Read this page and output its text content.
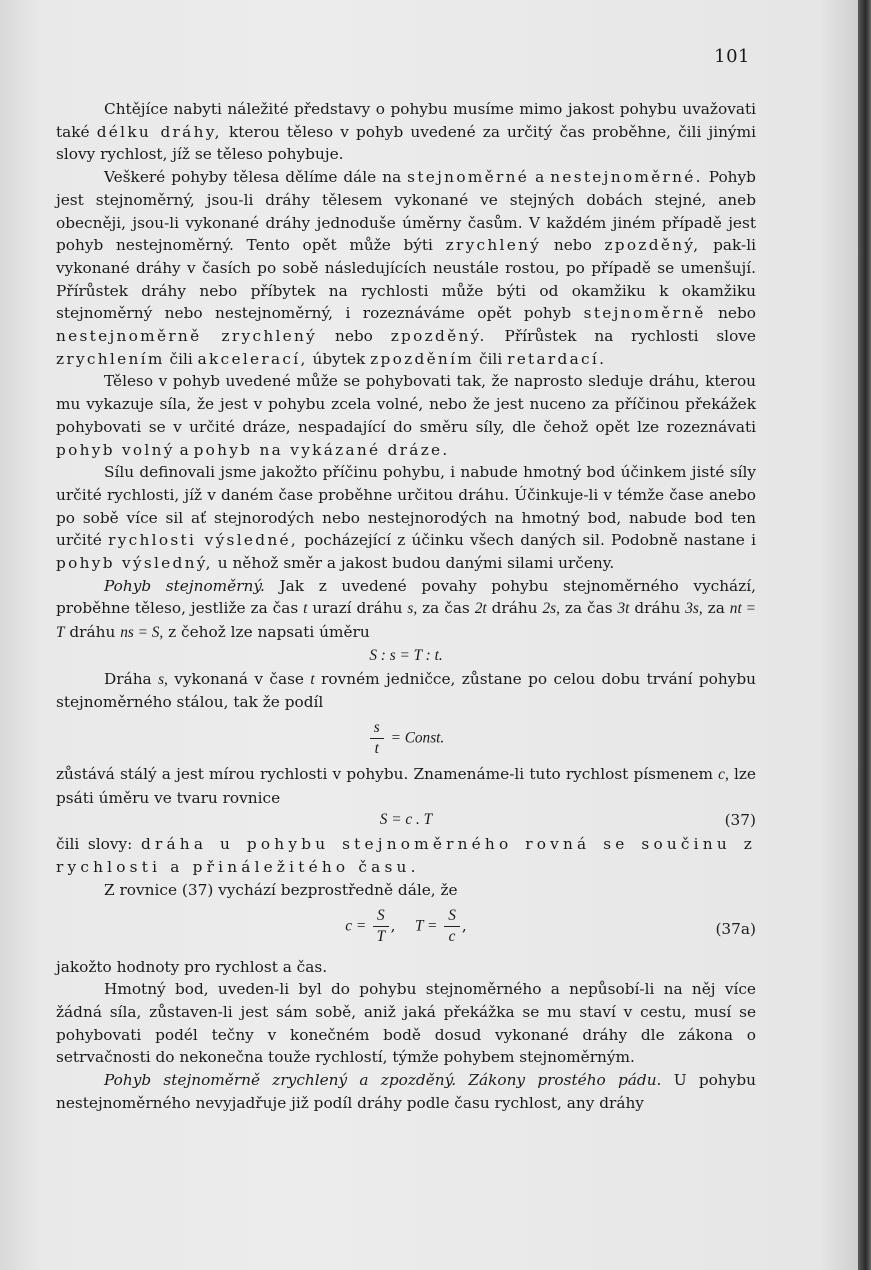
101

Chtějíce nabyti náležité představy o pohybu musíme mimo jakost pohybu uvažovati také délku dráhy, kterou těleso v pohyb uvedené za určitý čas proběhne, čili jinými slovy rychlost, jíž se těleso pohybuje.

Veškeré pohyby tělesa dělíme dále na stejnoměrné a nestejnoměrné. Pohyb jest stejnoměrný, jsou-li dráhy tělesem vykonané ve stejných dobách stejné, aneb obecněji, jsou-li vykonané dráhy jednoduše úměrny časům. V každém jiném případě jest pohyb nestejnoměrný. Tento opět může býti zrychlený nebo zpozděný, pak-li vykonané dráhy v časích po sobě následujících neustále rostou, po případě se umenšují. Přírůstek dráhy nebo příbytek na rychlosti může býti od okamžiku k okamžiku stejnoměrný nebo nestejnoměrný, i rozeznáváme opět pohyb stejnoměrně nebo nestejnoměrně zrychlený nebo zpozděný. Přírůstek na rychlosti slove zrychlením čili akcelerací, úbytek zpozděním čili retardací.

Těleso v pohyb uvedené může se pohybovati tak, že naprosto sleduje dráhu, kterou mu vykazuje síla, že jest v pohybu zcela volné, nebo že jest nuceno za příčinou překážek pohybovati se v určité dráze, nespadající do směru síly, dle čehož opět lze rozeznávati pohyb volný a pohyb na vykázané dráze.

Sílu definovali jsme jakožto příčinu pohybu, i nabude hmotný bod účinkem jisté síly určité rychlosti, jíž v daném čase proběhne určitou dráhu. Účinkuje-li v témže čase anebo po sobě více sil ať stejnorodých nebo nestejnorodých na hmotný bod, nabude bod ten určité rychlosti výsledné, pocházející z účinku všech daných sil. Podobně nastane i pohyb výsledný, u něhož směr a jakost budou danými silami určeny.

Pohyb stejnoměrný. Jak z uvedené povahy pohybu stejnoměrného vychází, proběhne těleso, jestliže za čas t urazí dráhu s, za čas 2t dráhu 2s, za čas 3t dráhu 3s, za nt = T dráhu ns = S, z čehož lze napsati úměru

S : s = T : t.

Dráha s, vykonaná v čase t rovném jedničce, zůstane po celou dobu trvání pohybu stejnoměrného stálou, tak že podíl

$\frac{s}{t}$ = Const.

zůstává stálý a jest mírou rychlosti v pohybu. Znamenáme-li tuto rychlost písmenem c, lze psáti úměru ve tvaru rovnice

S = c . T	(37)

čili slovy: dráha u pohybu stejnoměrného rovná se součinu z rychlosti a přináležitého času.

Z rovnice (37) vychází bezprostředně dále, že

$c = \frac{S}{T}$ ,    $T = \frac{S}{c}$ ,	(37a)

jakožto hodnoty pro rychlost a čas.

Hmotný bod, uveden-li byl do pohybu stejnoměrného a nepůsobí-li na něj více žádná síla, zůstaven-li jest sám sobě, aniž jaká překážka se mu staví v cestu, musí se pohybovati podél tečny v konečném bodě dosud vykonané dráhy dle zákona o setrvačnosti do nekonečna touže rychlostí, týmže pohybem stejnoměrným.

Pohyb stejnoměrně zrychlený a zpozděný. Zákony prostého pádu. U pohybu nestejnoměrného nevyjadřuje již podíl dráhy podle času rychlost, any dráhy
